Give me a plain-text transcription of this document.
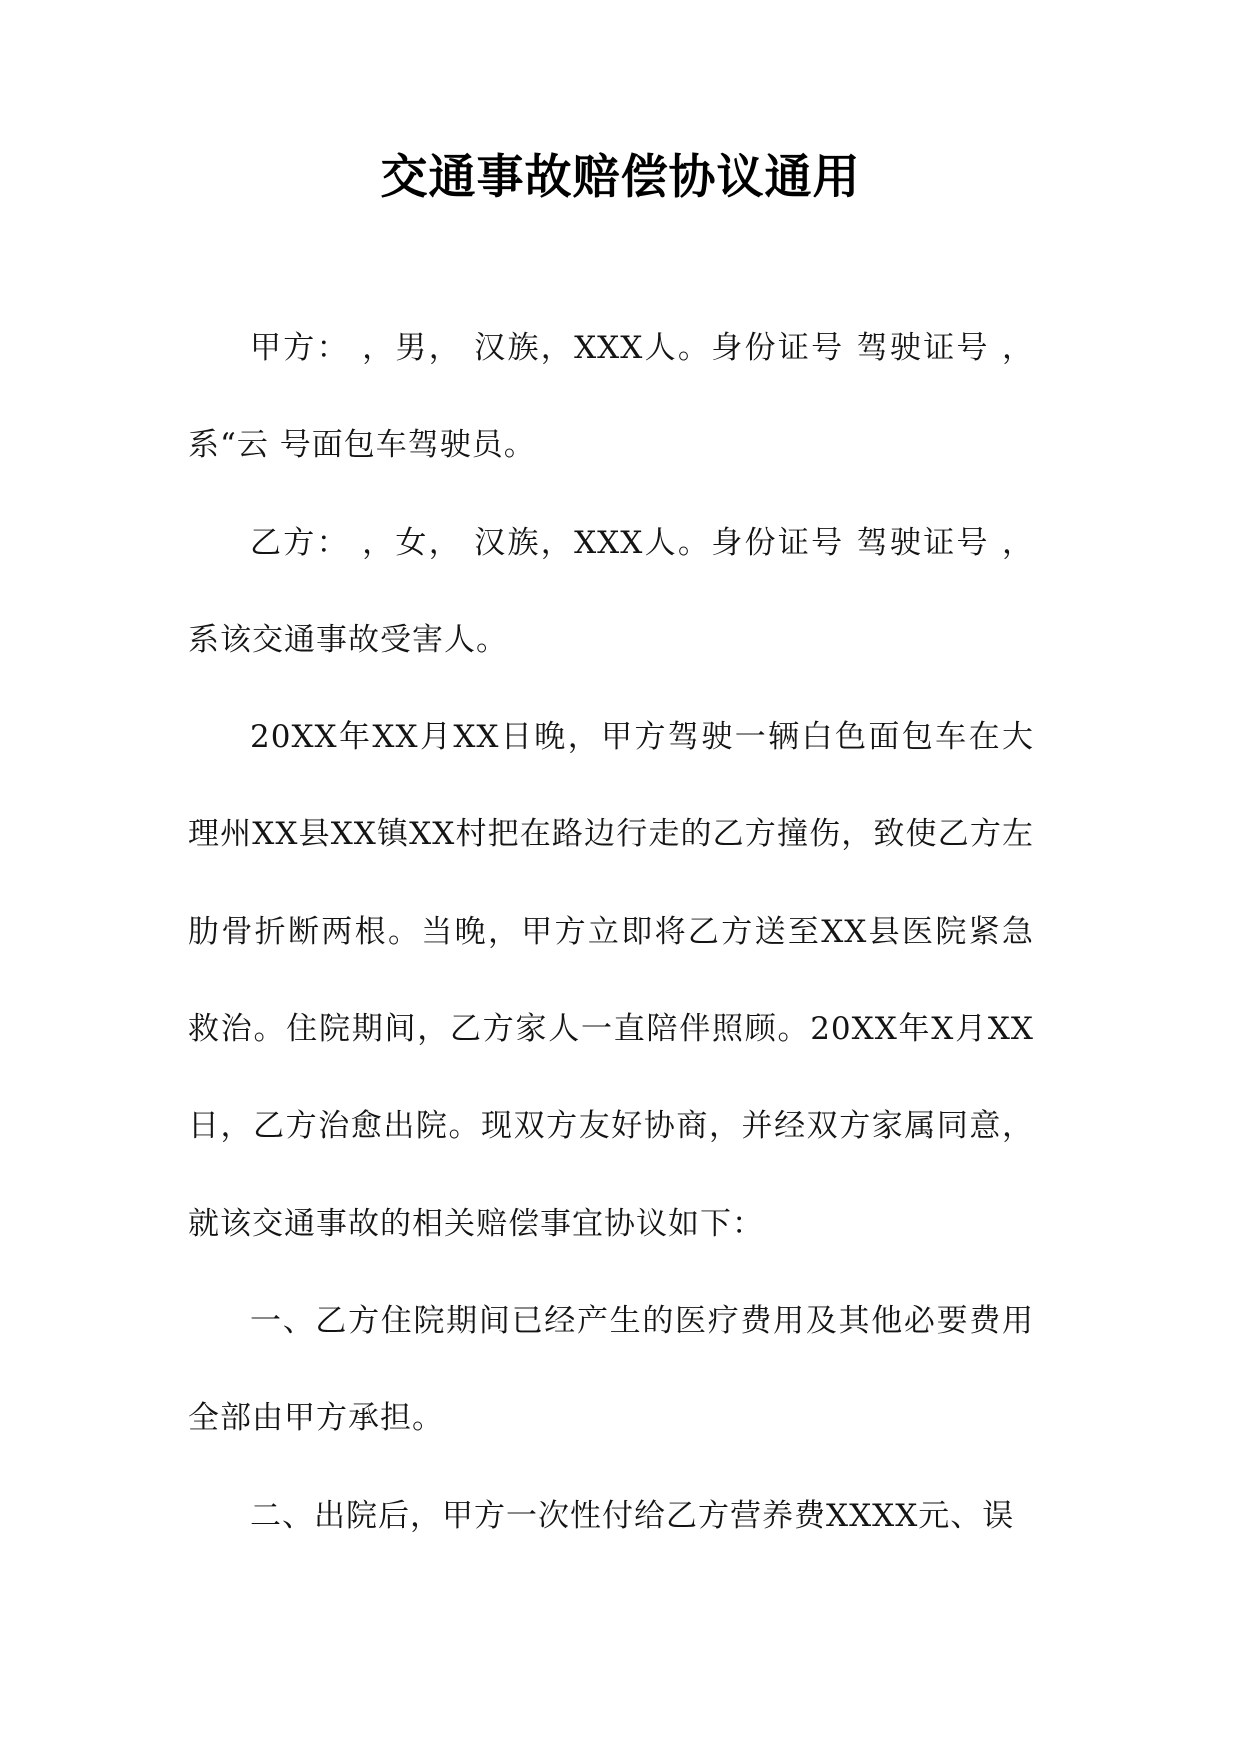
交通事故赔偿协议通用

甲方： ，男， 汉族，XXX人。身份证号 驾驶证号 ，系“云 号面包车驾驶员。

乙方： ，女， 汉族，XXX人。身份证号 驾驶证号 ，系该交通事故受害人。

20XX年XX月XX日晚，甲方驾驶一辆白色面包车在大理州XX县XX镇XX村把在路边行走的乙方撞伤，致使乙方左肋骨折断两根。当晚，甲方立即将乙方送至XX县医院紧急救治。住院期间，乙方家人一直陪伴照顾。20XX年X月XX日，乙方治愈出院。现双方友好协商，并经双方家属同意，就该交通事故的相关赔偿事宜协议如下：

一、乙方住院期间已经产生的医疗费用及其他必要费用全部由甲方承担。

二、出院后，甲方一次性付给乙方营养费XXXX元、误
